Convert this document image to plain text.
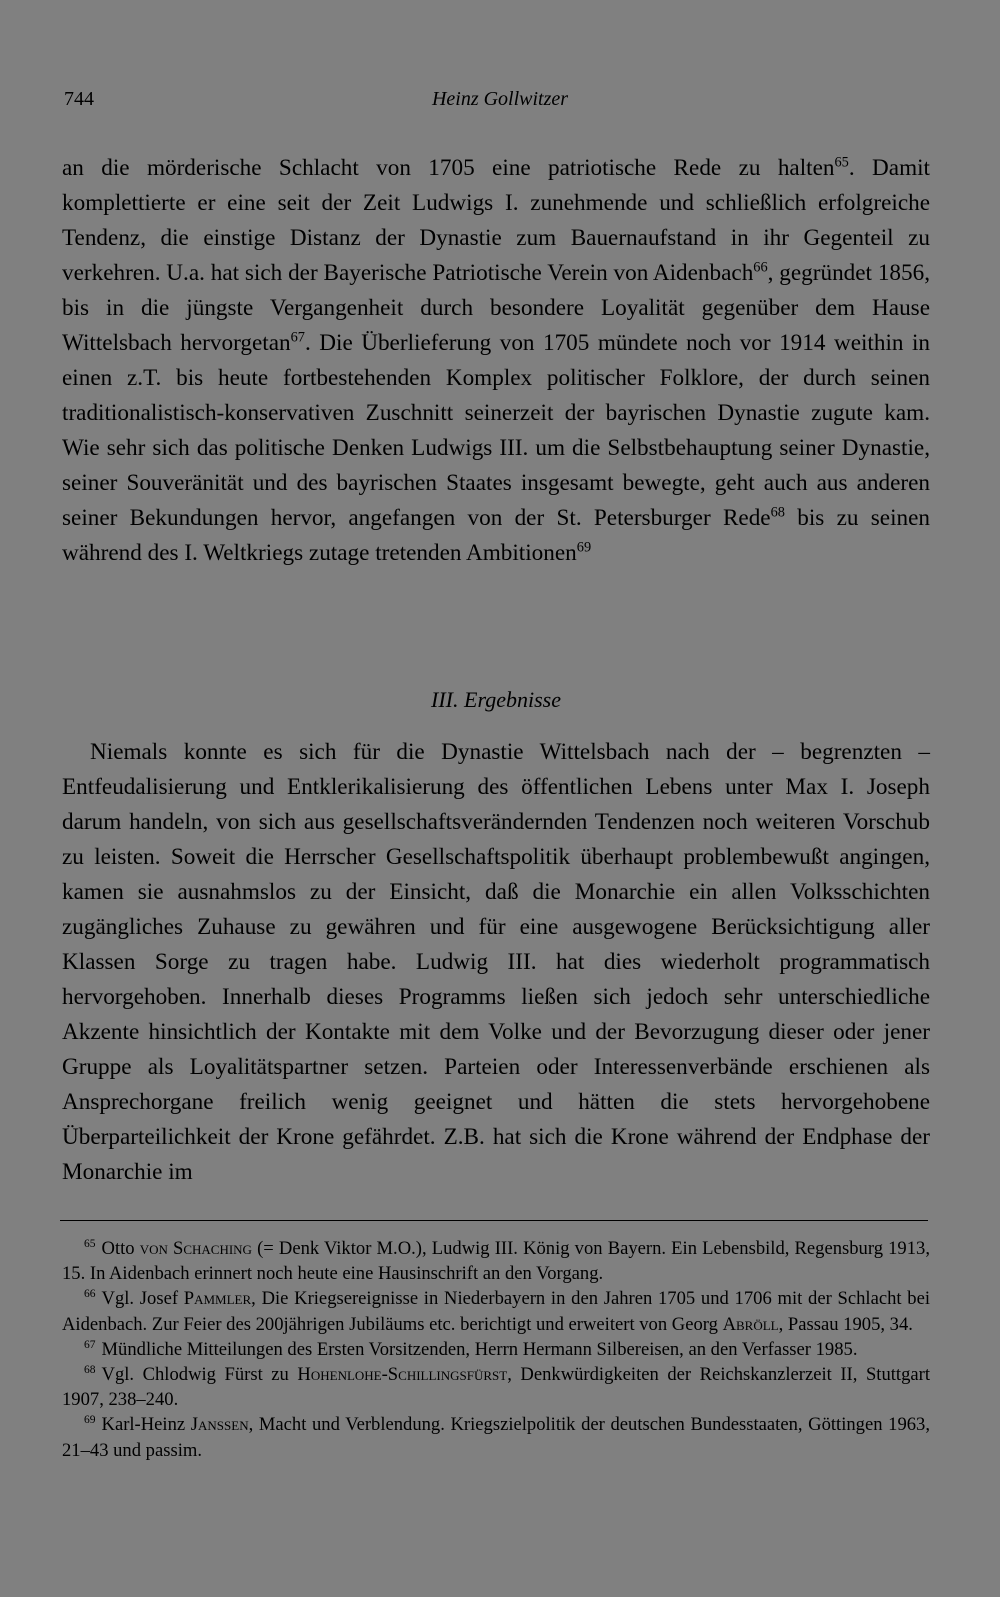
744	Heinz Gollwitzer

an die mörderische Schlacht von 1705 eine patriotische Rede zu halten$^{65}$. Damit komplettierte er eine seit der Zeit Ludwigs I. zunehmende und schließlich erfolgreiche Tendenz, die einstige Distanz der Dynastie zum Bauernaufstand in ihr Gegenteil zu verkehren. U.a. hat sich der Bayerische Patriotische Verein von Aidenbach$^{66}$, gegründet 1856, bis in die jüngste Vergangenheit durch besondere Loyalität gegenüber dem Hause Wittelsbach hervorgetan$^{67}$. Die Überlieferung von 1705 mündete noch vor 1914 weithin in einen z.T. bis heute fortbestehenden Komplex politischer Folklore, der durch seinen traditionalistisch-konservativen Zuschnitt seinerzeit der bayrischen Dynastie zugute kam. Wie sehr sich das politische Denken Ludwigs III. um die Selbstbehauptung seiner Dynastie, seiner Souveränität und des bayrischen Staates insgesamt bewegte, geht auch aus anderen seiner Bekundungen hervor, angefangen von der St. Petersburger Rede$^{68}$ bis zu seinen während des I. Weltkriegs zutage tretenden Ambitionen$^{69}$

III. Ergebnisse

Niemals konnte es sich für die Dynastie Wittelsbach nach der – begrenzten – Entfeudalisierung und Entklerikalisierung des öffentlichen Lebens unter Max I. Joseph darum handeln, von sich aus gesellschaftsverändernden Tendenzen noch weiteren Vorschub zu leisten. Soweit die Herrscher Gesellschaftspolitik überhaupt problembewußt angingen, kamen sie ausnahmslos zu der Einsicht, daß die Monarchie ein allen Volksschichten zugängliches Zuhause zu gewähren und für eine ausgewogene Berücksichtigung aller Klassen Sorge zu tragen habe. Ludwig III. hat dies wiederholt programmatisch hervorgehoben. Innerhalb dieses Programms ließen sich jedoch sehr unterschiedliche Akzente hinsichtlich der Kontakte mit dem Volke und der Bevorzugung dieser oder jener Gruppe als Loyalitätspartner setzen. Parteien oder Interessenverbände erschienen als Ansprechorgane freilich wenig geeignet und hätten die stets hervorgehobene Überparteilichkeit der Krone gefährdet. Z.B. hat sich die Krone während der Endphase der Monarchie im

$^{65}$ Otto von Schaching (= Denk Viktor M.O.), Ludwig III. König von Bayern. Ein Lebensbild, Regensburg 1913, 15. In Aidenbach erinnert noch heute eine Hausinschrift an den Vorgang.

$^{66}$ Vgl. Josef Pammler, Die Kriegsereignisse in Niederbayern in den Jahren 1705 und 1706 mit der Schlacht bei Aidenbach. Zur Feier des 200jährigen Jubiläums etc. berichtigt und erweitert von Georg Abröll, Passau 1905, 34.

$^{67}$ Mündliche Mitteilungen des Ersten Vorsitzenden, Herrn Hermann Silbereisen, an den Verfasser 1985.

$^{68}$ Vgl. Chlodwig Fürst zu Hohenlohe-Schillingsfürst, Denkwürdigkeiten der Reichskanzlerzeit II, Stuttgart 1907, 238–240.

$^{69}$ Karl-Heinz Janssen, Macht und Verblendung. Kriegszielpolitik der deutschen Bundesstaaten, Göttingen 1963, 21–43 und passim.
